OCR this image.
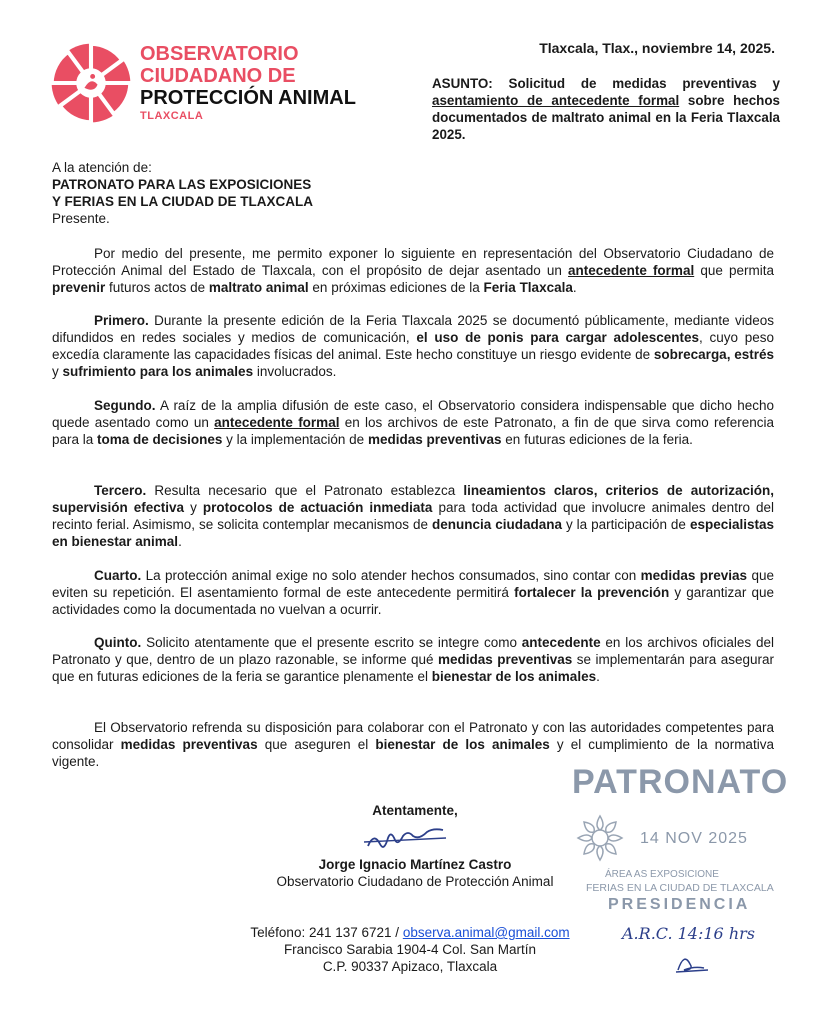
OBSERVATORIO
CIUDADANO DE
PROTECCIÓN ANIMAL
TLAXCALA
Tlaxcala, Tlax., noviembre 14, 2025.
ASUNTO: Solicitud de medidas preventivas y asentamiento de antecedente formal sobre hechos documentados de maltrato animal en la Feria Tlaxcala 2025.
A la atención de:
PATRONATO PARA LAS EXPOSICIONES
Y FERIAS EN LA CIUDAD DE TLAXCALA
Presente.

Por medio del presente, me permito exponer lo siguiente en representación del Observatorio Ciudadano de Protección Animal del Estado de Tlaxcala, con el propósito de dejar asentado un antecedente formal que permita prevenir futuros actos de maltrato animal en próximas ediciones de la Feria Tlaxcala.

Primero. Durante la presente edición de la Feria Tlaxcala 2025 se documentó públicamente, mediante videos difundidos en redes sociales y medios de comunicación, el uso de ponis para cargar adolescentes, cuyo peso excedía claramente las capacidades físicas del animal. Este hecho constituye un riesgo evidente de sobrecarga, estrés y sufrimiento para los animales involucrados.

Segundo. A raíz de la amplia difusión de este caso, el Observatorio considera indispensable que dicho hecho quede asentado como un antecedente formal en los archivos de este Patronato, a fin de que sirva como referencia para la toma de decisiones y la implementación de medidas preventivas en futuras ediciones de la feria.

Tercero. Resulta necesario que el Patronato establezca lineamientos claros, criterios de autorización, supervisión efectiva y protocolos de actuación inmediata para toda actividad que involucre animales dentro del recinto ferial. Asimismo, se solicita contemplar mecanismos de denuncia ciudadana y la participación de especialistas en bienestar animal.

Cuarto. La protección animal exige no solo atender hechos consumados, sino contar con medidas previas que eviten su repetición. El asentamiento formal de este antecedente permitirá fortalecer la prevención y garantizar que actividades como la documentada no vuelvan a ocurrir.

Quinto. Solicito atentamente que el presente escrito se integre como antecedente en los archivos oficiales del Patronato y que, dentro de un plazo razonable, se informe qué medidas preventivas se implementarán para asegurar que en futuras ediciones de la feria se garantice plenamente el bienestar de los animales.

El Observatorio refrenda su disposición para colaborar con el Patronato y con las autoridades competentes para consolidar medidas preventivas que aseguren el bienestar de los animales y el cumplimiento de la normativa vigente.

Atentamente,
Jorge Ignacio Martínez Castro
Observatorio Ciudadano de Protección Animal
Teléfono: 241 137 6721 / observa.animal@gmail.com
Francisco Sarabia 1904-4 Col. San Martín
C.P. 90337 Apizaco, Tlaxcala
PATRONATO
14 NOV 2025
ÁREA AS EXPOSICIONE
FERIAS EN LA CIUDAD DE TLAXCALA
PRESIDENCIA
A.R.C. 14:16 hrs
